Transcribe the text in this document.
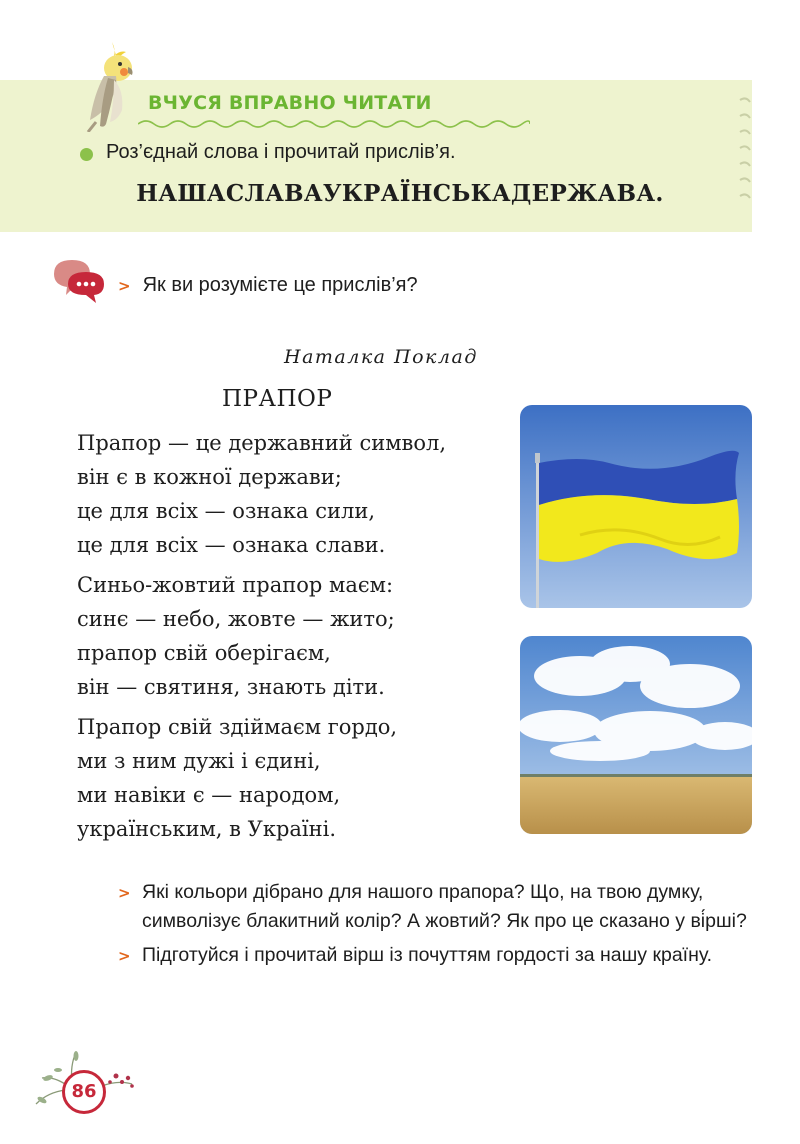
ВЧУСЯ ВПРАВНО ЧИТАТИ
Роз’єднай слова і прочитай прислів’я.
НАШАСЛАВАУКРАЇНСЬКАДЕРЖАВА.
> Як ви розумієте це прислів’я?
Наталка Поклад
ПРАПОР
Прапор — це державний символ,
він є в кожної держави;
це для всіх — ознака сили,
це для всіх — ознака слави.
Синьо-жовтий прапор маєм:
синє — небо, жовте — жито;
прапор свій оберігаєм,
він — святиня, знають діти.
Прапор свій здіймаєм гордо,
ми з ним дужі і єдині,
ми навіки є — народом,
українським, в Україні.
> Які кольори дібрано для нашого прапора? Що, на твою думку, символізує блакитний колір? А жовтий? Як про це сказано у ві́рші?
> Підготуйся і прочитай вірш із почуттям гордості за нашу країну.
86
